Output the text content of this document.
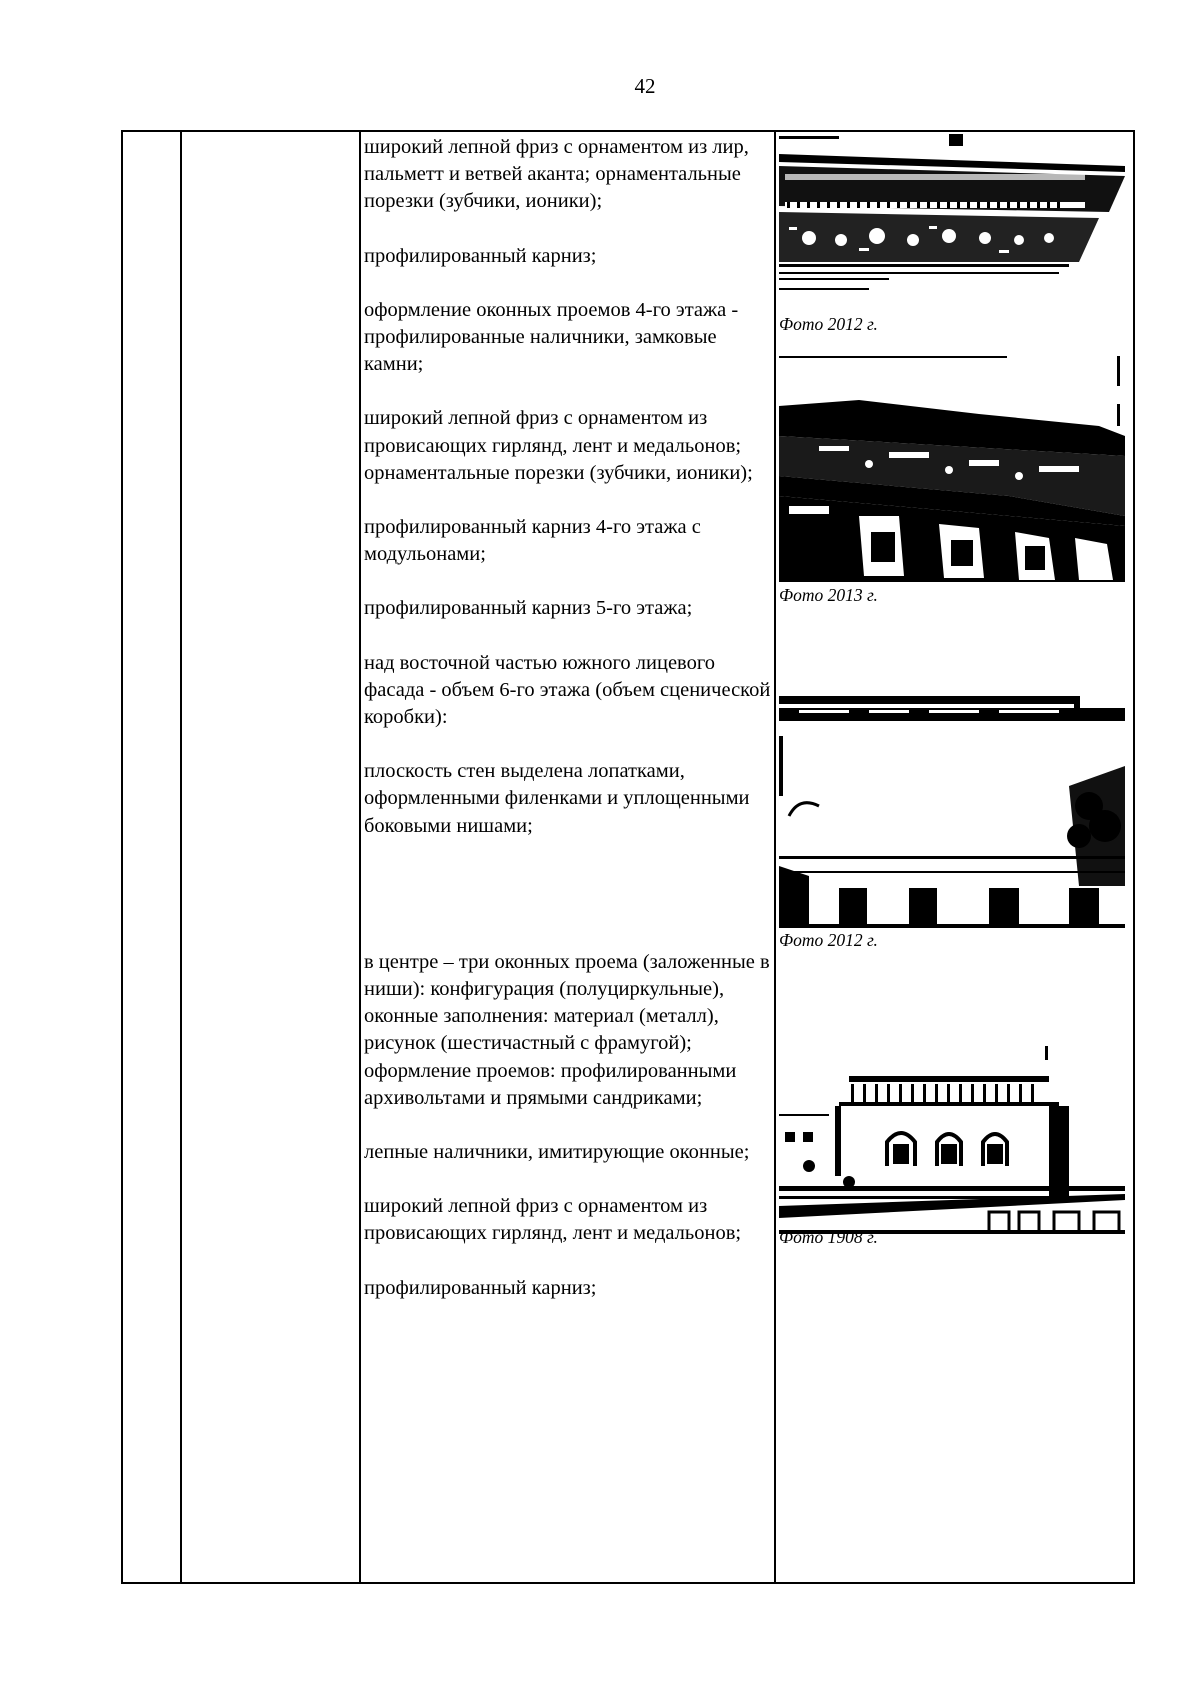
42

широкий лепной фриз с орнаментом из лир, пальметт и ветвей аканта; орнаментальные порезки (зубчики, ионики);

профилированный карниз;

оформление оконных проемов 4-го этажа - профилированные наличники, замковые камни;

широкий лепной фриз с орнаментом из провисающих гирлянд, лент и медальонов; орнаментальные порезки (зубчики, ионики);

профилированный карниз 4-го этажа с модульонами;

профилированный карниз 5-го этажа;

над восточной частью южного лицевого фасада - объем 6-го этажа (объем сценической коробки):

плоскость стен выделена лопатками, оформленными филенками и уплощенными боковыми нишами;

в центре – три оконных проема (заложенные в ниши): конфигурация (полуциркульные), оконные заполнения: материал (металл), рисунок (шестичастный с фрамугой); оформление проемов: профилированными архивольтами и прямыми сандриками;

лепные наличники, имитирующие оконные;

широкий лепной фриз с орнаментом из провисающих гирлянд, лент и медальонов;

профилированный карниз;

Фото 2012 г.
Фото 2013 г.
Фото 2012 г.
Фото 1908 г.
